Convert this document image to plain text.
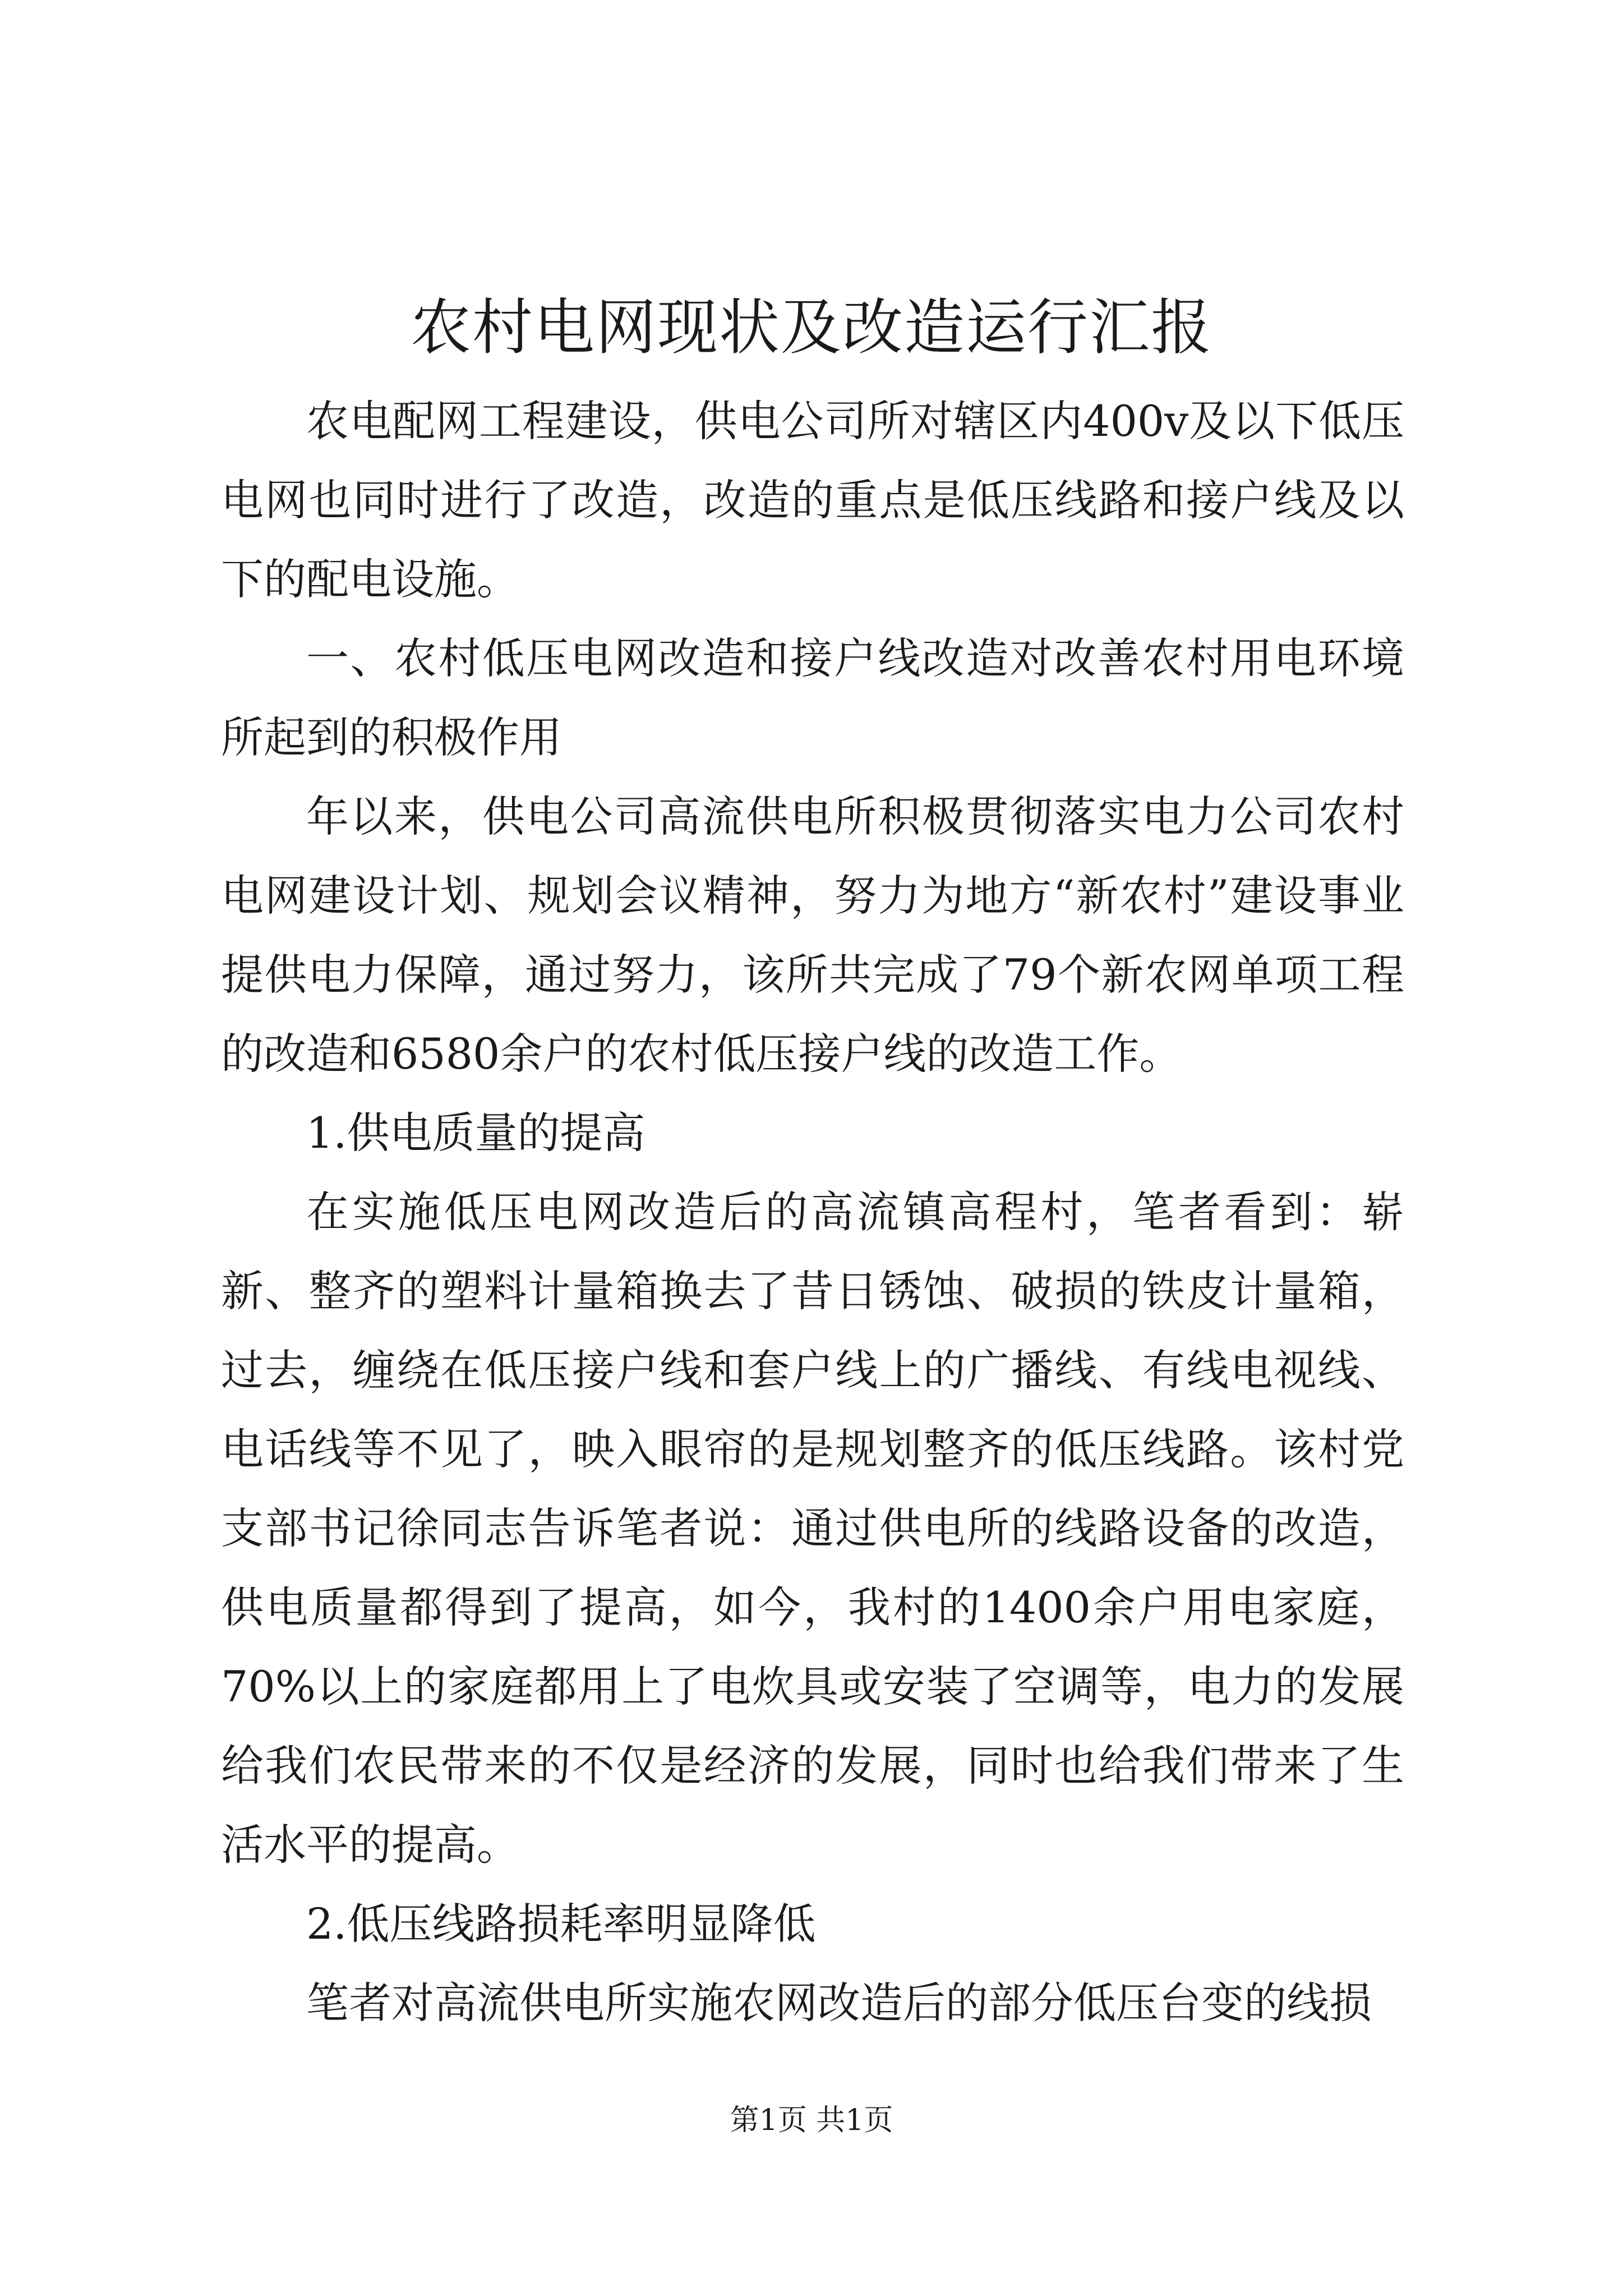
农村电网现状及改造运行汇报

农电配网工程建设，供电公司所对辖区内400v及以下低压电网也同时进行了改造，改造的重点是低压线路和接户线及以下的配电设施。

一、农村低压电网改造和接户线改造对改善农村用电环境所起到的积极作用

年以来，供电公司高流供电所积极贯彻落实电力公司农村电网建设计划、规划会议精神，努力为地方“新农村”建设事业提供电力保障，通过努力，该所共完成了79个新农网单项工程的改造和6580余户的农村低压接户线的改造工作。

1.供电质量的提高

在实施低压电网改造后的高流镇高程村，笔者看到：崭新、整齐的塑料计量箱换去了昔日锈蚀、破损的铁皮计量箱，过去，缠绕在低压接户线和套户线上的广播线、有线电视线、电话线等不见了，映入眼帘的是规划整齐的低压线路。该村党支部书记徐同志告诉笔者说：通过供电所的线路设备的改造，供电质量都得到了提高，如今，我村的1400余户用电家庭，70%以上的家庭都用上了电炊具或安装了空调等，电力的发展给我们农民带来的不仅是经济的发展，同时也给我们带来了生活水平的提高。

2.低压线路损耗率明显降低

笔者对高流供电所实施农网改造后的部分低压台变的线损

第1页 共1页
